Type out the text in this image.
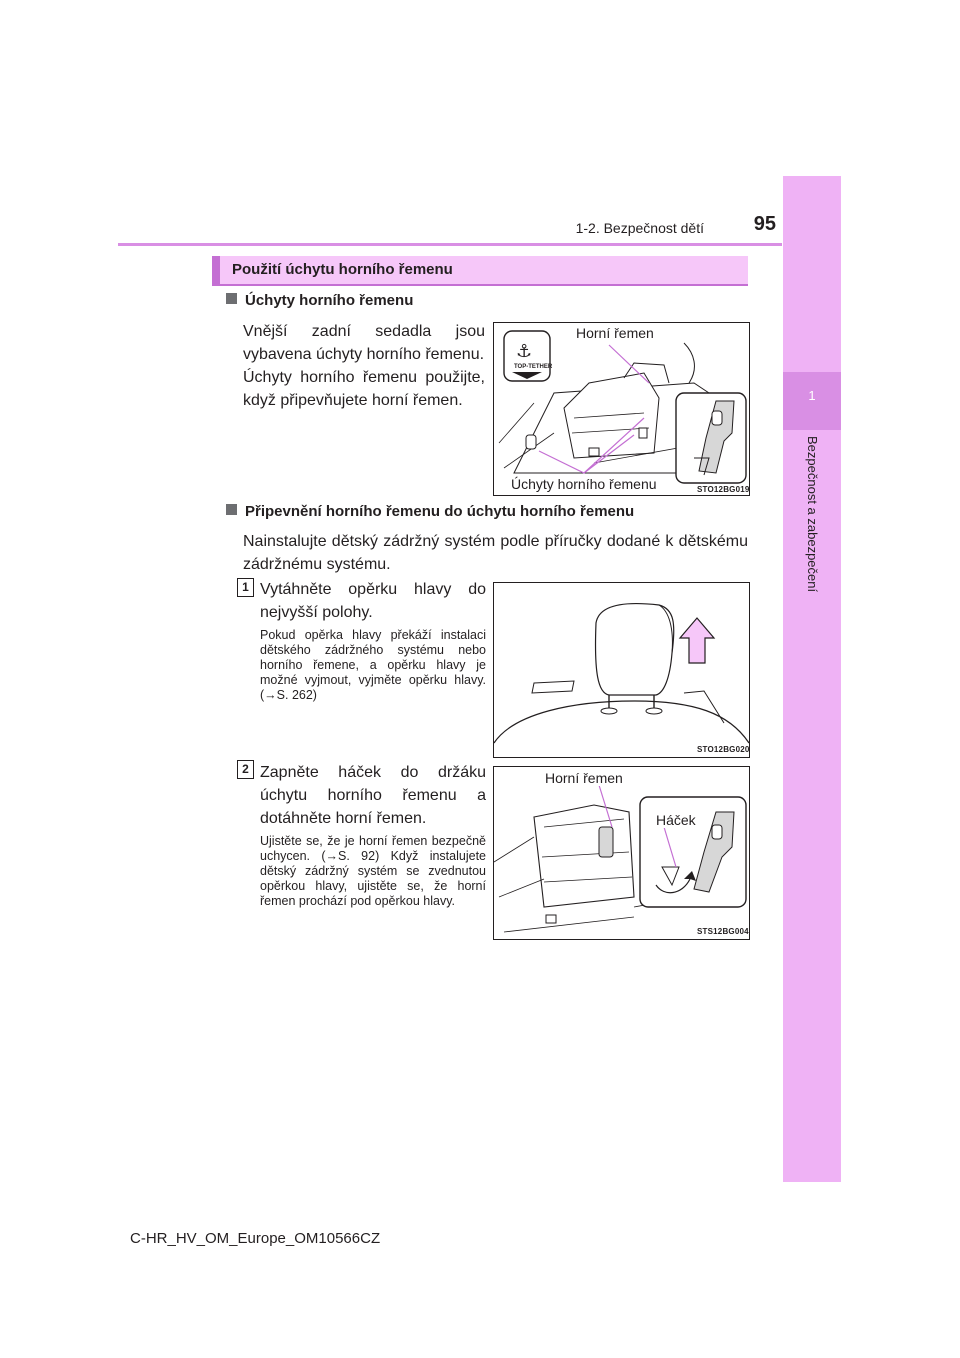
1-2. Bezpečnost dětí	95
1
Bezpečnost a zabezpečení
Použití úchytu horního řemenu
Úchyty horního řemenu
Vnější zadní sedadla jsou vybavena úchyty horního řemenu.
Úchyty horního řemenu použijte, když připevňujete horní řemen.
⚓
Horní řemen
Úchyty horního řemenu	STO12BG019
TOP-TETHER
Připevnění horního řemenu do úchytu horního řemenu
Nainstalujte dětský zádržný systém podle příručky dodané k dětskému zádržnému systému.
1 Vytáhněte opěrku hlavy do nejvyšší polohy.
Pokud opěrka hlavy překáží instalaci dětského zádržného systému nebo horního řemene, a opěrku hlavy je možné vyjmout, vyjměte opěrku hlavy. (→S. 262)
STO12BG020
2 Zapněte háček do držáku úchytu horního řemenu a dotáhněte horní řemen.
Ujistěte se, že je horní řemen bezpečně uchycen. (→S. 92) Když instalujete dětský zádržný systém se zvednutou opěrkou hlavy, ujistěte se, že horní řemen prochází pod opěrkou hlavy.
Horní řemen
Háček
STS12BG004
C-HR_HV_OM_Europe_OM10566CZ
